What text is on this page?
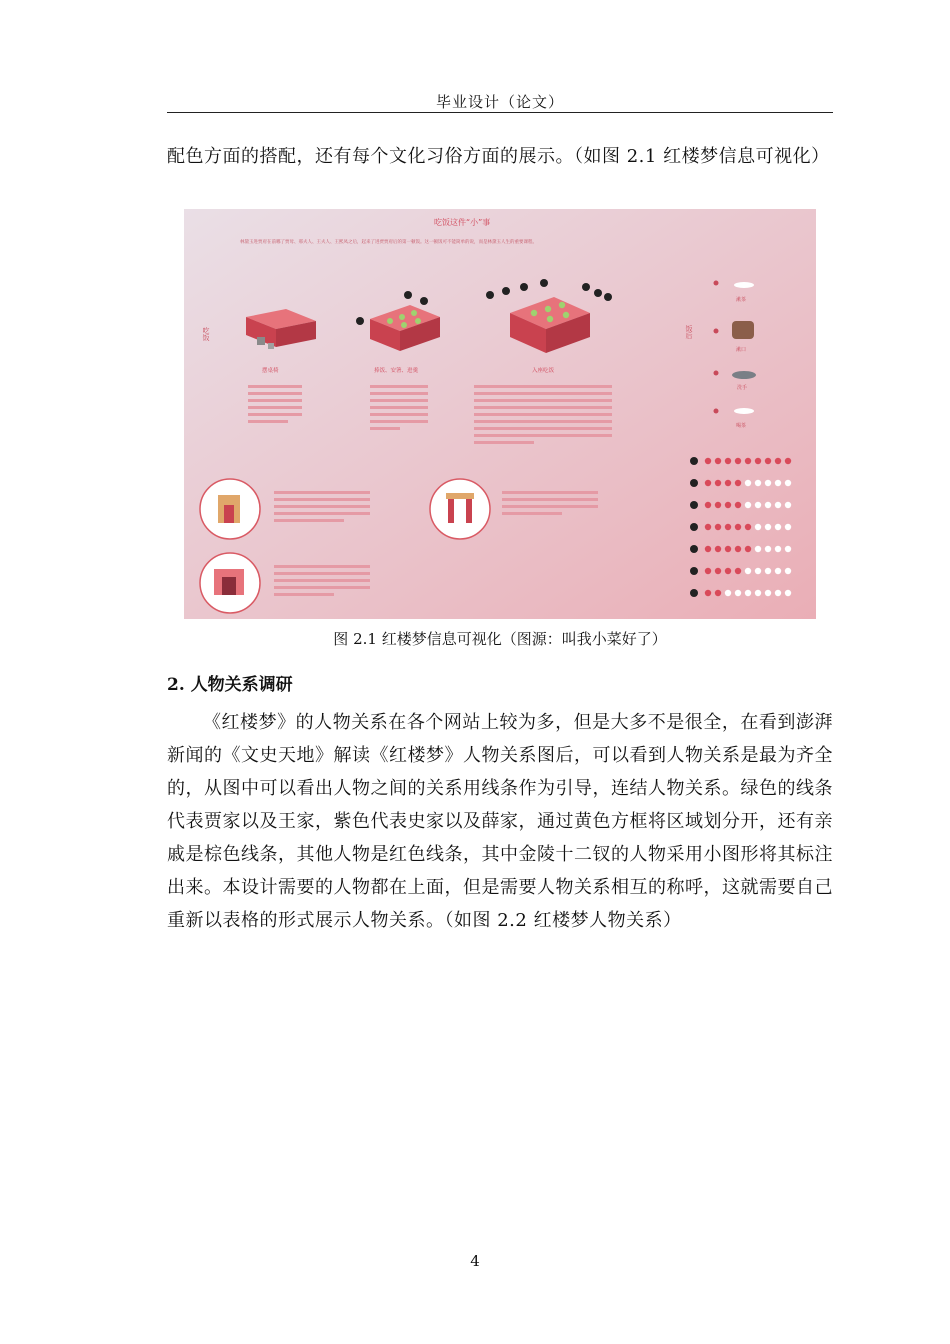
毕业设计（论文）

配色方面的搭配，还有每个文化习俗方面的展示。（如图 2.1 红楼梦信息可视化）

吃饭这件“小”事
林黛玉进贾府在前哪了贾母、邢夫人、王夫人、王熙凤之后，起来了进贾贾府后的第一顿饭。这一顿饭可不能简单的说，而是林黛玉人生的重要课程。
吃饭	饭后
摆桌椅	捧饭、安箸、进羹	入座吃饭
漱茶
漱口
洗手
喝茶
图 2.1 红楼梦信息可视化（图源：叫我小菜好了）
2. 人物关系调研

《红楼梦》的人物关系在各个网站上较为多，但是大多不是很全，在看到澎湃新闻的《文史天地》解读《红楼梦》人物关系图后，可以看到人物关系是最为齐全的，从图中可以看出人物之间的关系用线条作为引导，连结人物关系。绿色的线条代表贾家以及王家，紫色代表史家以及薛家，通过黄色方框将区域划分开，还有亲戚是棕色线条，其他人物是红色线条，其中金陵十二钗的人物采用小图形将其标注出来。本设计需要的人物都在上面，但是需要人物关系相互的称呼，这就需要自己重新以表格的形式展示人物关系。（如图 2.2 红楼梦人物关系）

4
